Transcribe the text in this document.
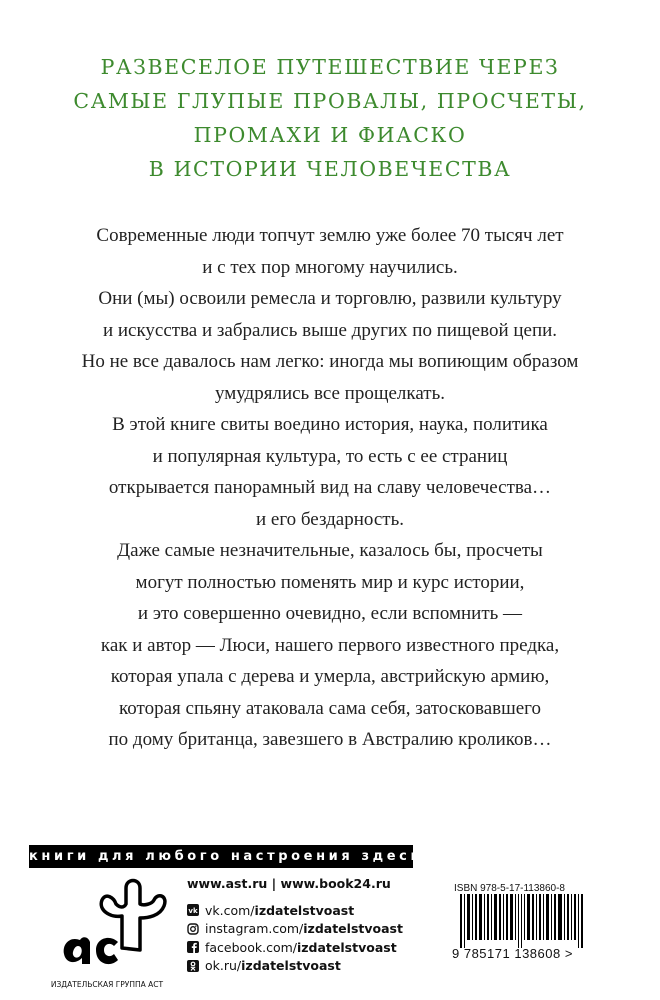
РАЗВЕСЕЛОЕ ПУТЕШЕСТВИЕ ЧЕРЕЗ
САМЫЕ ГЛУПЫЕ ПРОВАЛЫ, ПРОСЧЕТЫ,
ПРОМАХИ И ФИАСКО
В ИСТОРИИ ЧЕЛОВЕЧЕСТВА
Современные люди топчут землю уже более 70 тысяч лет
и с тех пор многому научились.
Они (мы) освоили ремесла и торговлю, развили культуру
и искусства и забрались выше других по пищевой цепи.
Но не все давалось нам легко: иногда мы вопиющим образом
умудрялись все прощелкать.
В этой книге свиты воедино история, наука, политика
и популярная культура, то есть с ее страниц
открывается панорамный вид на славу человечества…
и его бездарность.
Даже самые незначительные, казалось бы, просчеты
могут полностью поменять мир и курс истории,
и это совершенно очевидно, если вспомнить —
как и автор — Люси, нашего первого известного предка,
которая упала с дерева и умерла, австрийскую армию,
которая спьяну атаковала сама себя, затосковавшего
по дому британца, завезшего в Австралию кроликов…
книги для любого настроения здесь
ИЗДАТЕЛЬСКАЯ ГРУППА АСТ
www.ast.ru | www.book24.ru
vk vk.com/ izdatelstvoast
instagram.com/ izdatelstvoast
facebook.com/ izdatelstvoast
ok.ru/ izdatelstvoast
ISBN 978-5-17-113860-8
9 785171 138608 >
